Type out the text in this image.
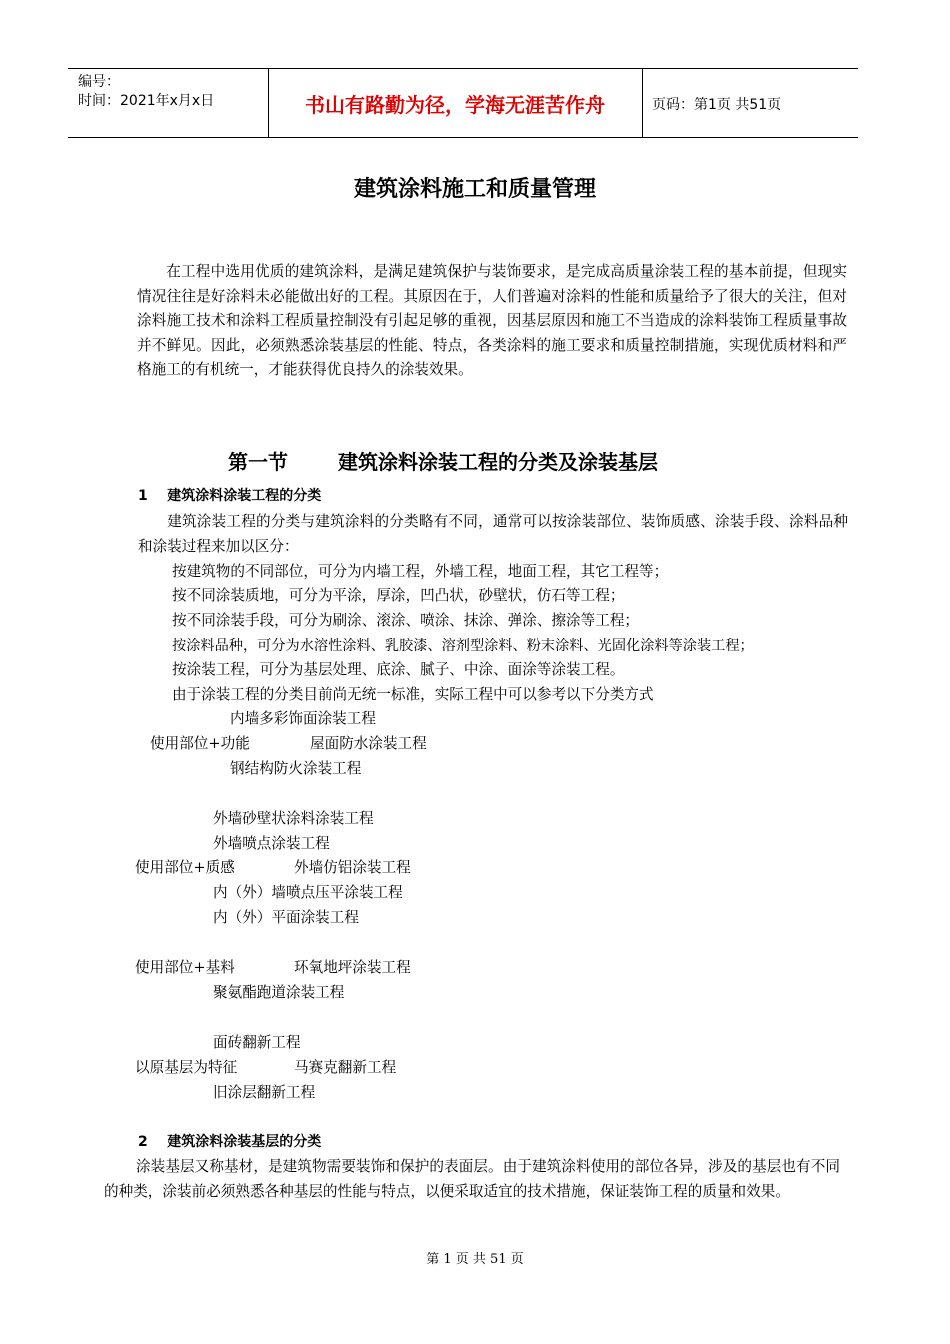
编号：
时间：2021年x月x日	书山有路勤为径，学海无涯苦作舟	页码：第1页 共51页
建筑涂料施工和质量管理

在工程中选用优质的建筑涂料，是满足建筑保护与装饰要求，是完成高质量涂装工程的基本前提，但现实情况往往是好涂料未必能做出好的工程。其原因在于，人们普遍对涂料的性能和质量给予了很大的关注，但对涂料施工技术和涂料工程质量控制没有引起足够的重视，因基层原因和施工不当造成的涂料装饰工程质量事故并不鲜见。因此，必须熟悉涂装基层的性能、特点，各类涂料的施工要求和质量控制措施，实现优质材料和严格施工的有机统一，才能获得优良持久的涂装效果。

第一节	建筑涂料涂装工程的分类及涂装基层
1 建筑涂料涂装工程的分类

建筑涂装工程的分类与建筑涂料的分类略有不同，通常可以按涂装部位、装饰质感、涂装手段、涂料品种和涂装过程来加以区分：

按建筑物的不同部位，可分为内墙工程，外墙工程，地面工程，其它工程等；
按不同涂装质地，可分为平涂，厚涂，凹凸状，砂壁状，仿石等工程；
按不同涂装手段，可分为刷涂、滚涂、喷涂、抹涂、弹涂、擦涂等工程；
按涂料品种，可分为水溶性涂料、乳胶漆、溶剂型涂料、粉末涂料、光固化涂料等涂装工程；
按涂装工程，可分为基层处理、底涂、腻子、中涂、面涂等涂装工程。
由于涂装工程的分类目前尚无统一标准，实际工程中可以参考以下分类方式
内墙多彩饰面涂装工程
使用部位+功能	屋面防水涂装工程
钢结构防火涂装工程
外墙砂壁状涂料涂装工程
外墙喷点涂装工程
使用部位+质感	外墙仿铝涂装工程
内（外）墙喷点压平涂装工程
内（外）平面涂装工程
使用部位+基料	环氧地坪涂装工程
聚氨酯跑道涂装工程
面砖翻新工程
以原基层为特征	马赛克翻新工程
旧涂层翻新工程
2 建筑涂料涂装基层的分类

涂装基层又称基材，是建筑物需要装饰和保护的表面层。由于建筑涂料使用的部位各异，涉及的基层也有不同的种类，涂装前必须熟悉各种基层的性能与特点，以便采取适宜的技术措施，保证装饰工程的质量和效果。

第 1 页 共 51 页
